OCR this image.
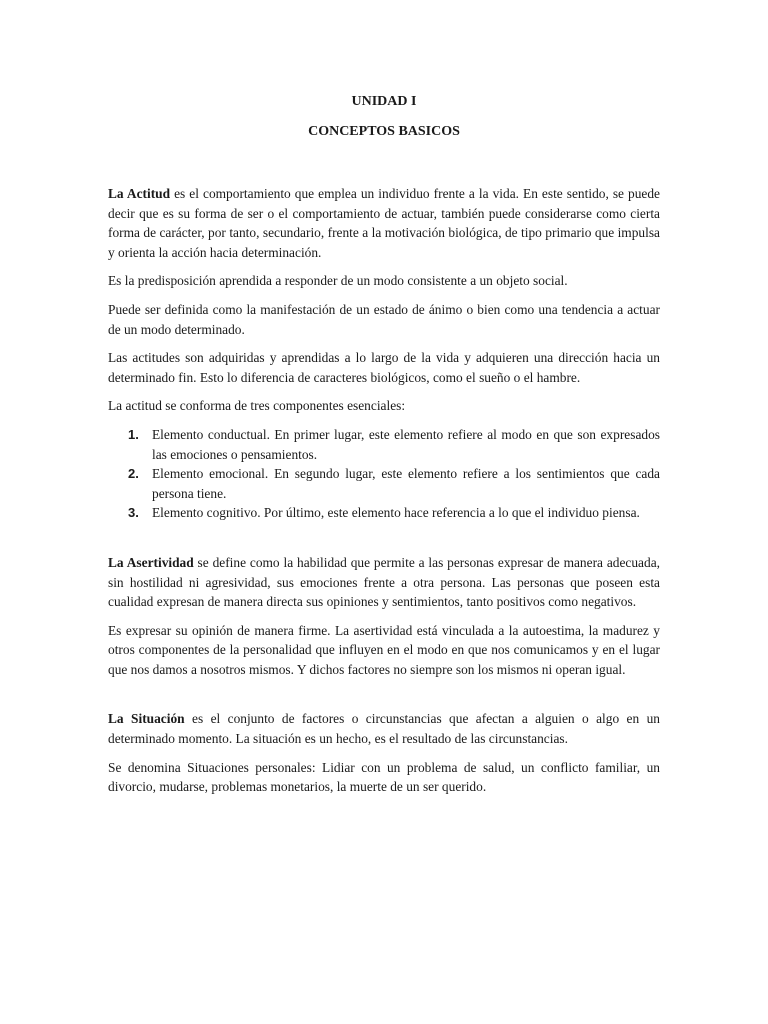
UNIDAD I
CONCEPTOS BASICOS

La Actitud es el comportamiento que emplea un individuo frente a la vida. En este sentido, se puede decir que es su forma de ser o el comportamiento de actuar, también puede considerarse como cierta forma de carácter, por tanto, secundario, frente a la motivación biológica, de tipo primario que impulsa y orienta la acción hacia determinación.

Es la predisposición aprendida a responder de un modo consistente a un objeto social.

Puede ser definida como la manifestación de un estado de ánimo o bien como una tendencia a actuar de un modo determinado.

Las actitudes son adquiridas y aprendidas a lo largo de la vida y adquieren una dirección hacia un determinado fin. Esto lo diferencia de caracteres biológicos, como el sueño o el hambre.

La actitud se conforma de tres componentes esenciales:

1. Elemento conductual. En primer lugar, este elemento refiere al modo en que son expresados las emociones o pensamientos.
2. Elemento emocional. En segundo lugar, este elemento refiere a los sentimientos que cada persona tiene.
3. Elemento cognitivo. Por último, este elemento hace referencia a lo que el individuo piensa.

La Asertividad se define como la habilidad que permite a las personas expresar de manera adecuada, sin hostilidad ni agresividad, sus emociones frente a otra persona. Las personas que poseen esta cualidad expresan de manera directa sus opiniones y sentimientos, tanto positivos como negativos.

Es expresar su opinión de manera firme. La asertividad está vinculada a la autoestima, la madurez y otros componentes de la personalidad que influyen en el modo en que nos comunicamos y en el lugar que nos damos a nosotros mismos. Y dichos factores no siempre son los mismos ni operan igual.

La Situación es el conjunto de factores o circunstancias que afectan a alguien o algo en un determinado momento. La situación es un hecho, es el resultado de las circunstancias.

Se denomina Situaciones personales: Lidiar con un problema de salud, un conflicto familiar, un divorcio, mudarse, problemas monetarios, la muerte de un ser querido.
